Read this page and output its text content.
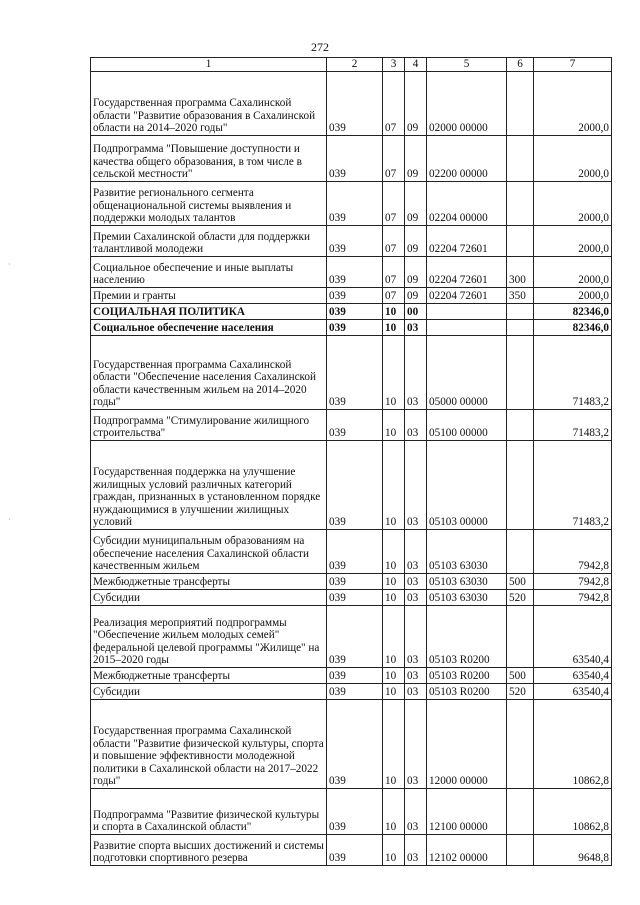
272
1	2	3	4	5	6	7
Государственная программа Сахалинской области "Развитие образования в Сахалинской области на 2014–2020 годы"	039	07	09	02000 00000		2000,0
Подпрограмма "Повышение доступности и качества общего образования, в том числе в сельской местности"	039	07	09	02200 00000		2000,0
Развитие регионального сегмента общенациональной системы выявления и поддержки молодых талантов	039	07	09	02204 00000		2000,0
Премии Сахалинской области для поддержки талантливой молодежи	039	07	09	02204 72601		2000,0
Социальное обеспечение и иные выплаты населению	039	07	09	02204 72601	300	2000,0
Премии и гранты	039	07	09	02204 72601	350	2000,0
СОЦИАЛЬНАЯ ПОЛИТИКА	039	10	00			82346,0
Социальное обеспечение населения	039	10	03			82346,0
Государственная программа Сахалинской области "Обеспечение населения Сахалинской области качественным жильем на 2014–2020 годы"	039	10	03	05000 00000		71483,2
Подпрограмма "Стимулирование жилищного строительства"	039	10	03	05100 00000		71483,2
Государственная поддержка на улучшение жилищных условий различных категорий граждан, признанных в установленном порядке нуждающимися в улучшении жилищных условий	039	10	03	05103 00000		71483,2
Субсидии муниципальным образованиям на обеспечение населения Сахалинской области качественным жильем	039	10	03	05103 63030		7942,8
Межбюджетные трансферты	039	10	03	05103 63030	500	7942,8
Субсидии	039	10	03	05103 63030	520	7942,8
Реализация мероприятий подпрограммы "Обеспечение жильем молодых семей" федеральной целевой программы "Жилище" на 2015–2020 годы	039	10	03	05103 R0200		63540,4
Межбюджетные трансферты	039	10	03	05103 R0200	500	63540,4
Субсидии	039	10	03	05103 R0200	520	63540,4
Государственная программа Сахалинской области "Развитие физической культуры, спорта и повышение эффективности молодежной политики в Сахалинской области на 2017–2022 годы"	039	10	03	12000 00000		10862,8
Подпрограмма "Развитие физической культуры и спорта в Сахалинской области"	039	10	03	12100 00000		10862,8
Развитие спорта высших достижений и системы подготовки спортивного резерва	039	10	03	12102 00000		9648,8
·
·
